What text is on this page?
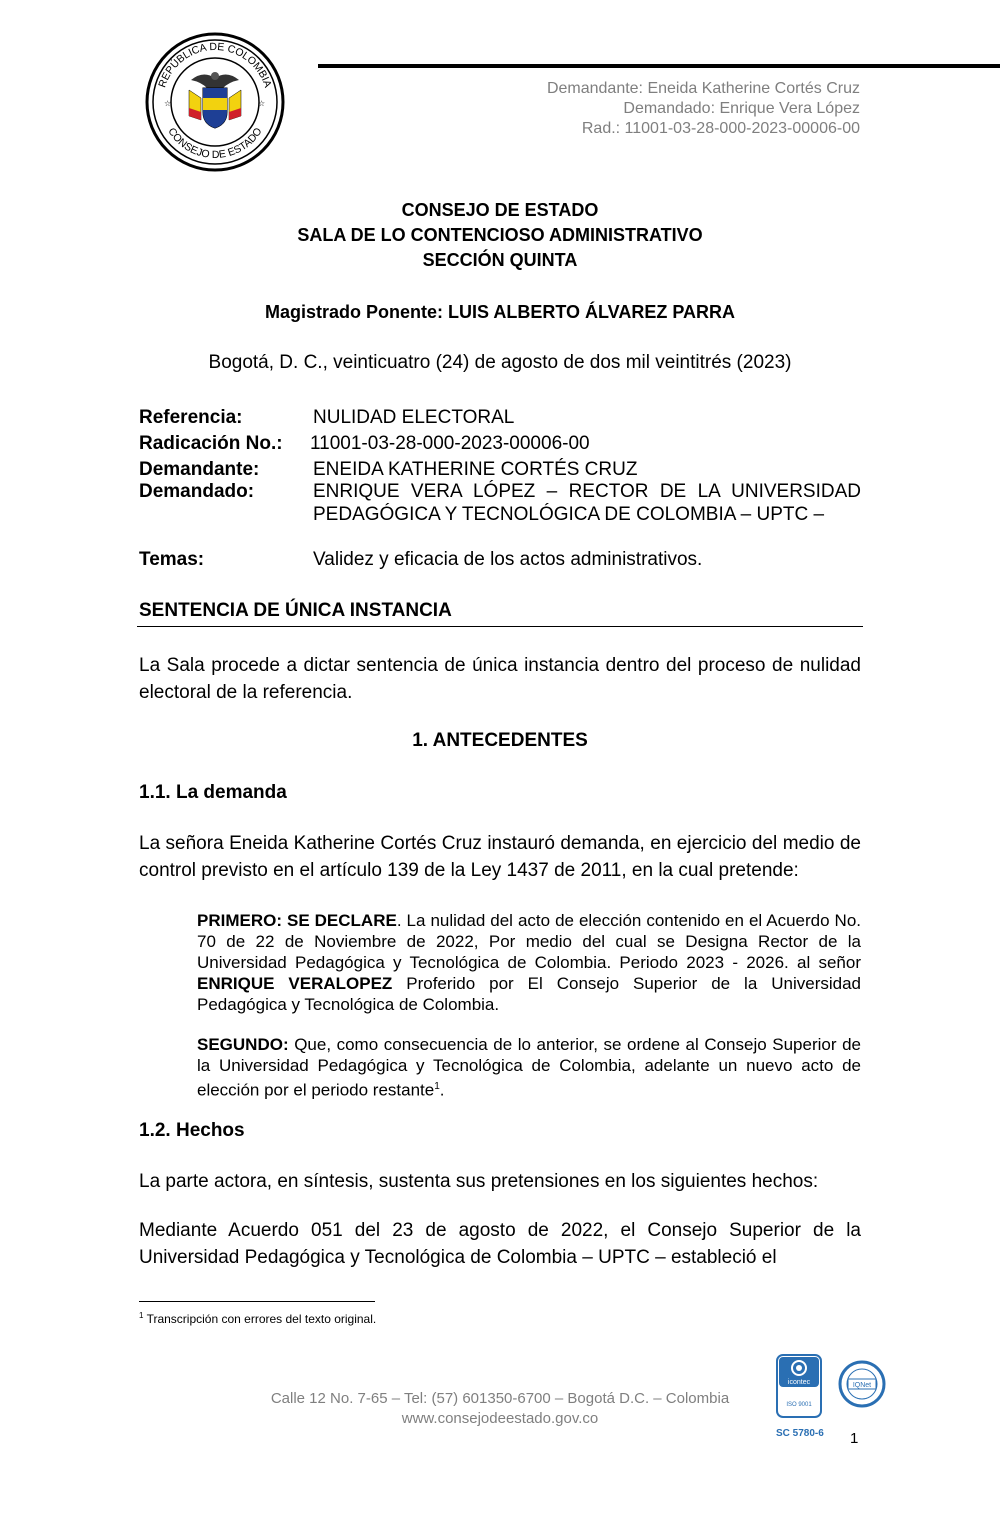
REPÚBLICA DE COLOMBIA
CONSEJO DE ESTADO
☆	☆
Demandante: Eneida Katherine Cortés Cruz
Demandado: Enrique Vera López
Rad.: 11001-03-28-000-2023-00006-00
CONSEJO DE ESTADO
SALA DE LO CONTENCIOSO ADMINISTRATIVO
SECCIÓN QUINTA
Magistrado Ponente: LUIS ALBERTO ÁLVAREZ PARRA
Bogotá, D. C., veinticuatro (24) de agosto de dos mil veintitrés (2023)
Referencia:	NULIDAD ELECTORAL
Radicación No.: 11001-03-28-000-2023-00006-00
Demandante:	ENEIDA KATHERINE CORTÉS CRUZ
Demandado:	ENRIQUE VERA LÓPEZ – RECTOR DE LA UNIVERSIDAD PEDAGÓGICA Y TECNOLÓGICA DE COLOMBIA – UPTC –
Temas:	Validez y eficacia de los actos administrativos.
SENTENCIA DE ÚNICA INSTANCIA
La Sala procede a dictar sentencia de única instancia dentro del proceso de nulidad electoral de la referencia.
1. ANTECEDENTES
1.1. La demanda
La señora Eneida Katherine Cortés Cruz instauró demanda, en ejercicio del medio de control previsto en el artículo 139 de la Ley 1437 de 2011, en la cual pretende:
PRIMERO: SE DECLARE. La nulidad del acto de elección contenido en el Acuerdo No. 70 de 22 de Noviembre de 2022, Por medio del cual se Designa Rector de la Universidad Pedagógica y Tecnológica de Colombia. Periodo 2023 - 2026. al señor ENRIQUE VERALOPEZ Proferido por El Consejo Superior de la Universidad Pedagógica y Tecnológica de Colombia.
SEGUNDO: Que, como consecuencia de lo anterior, se ordene al Consejo Superior de la Universidad Pedagógica y Tecnológica de Colombia, adelante un nuevo acto de elección por el periodo restante$^1$.
1.2. Hechos
La parte actora, en síntesis, sustenta sus pretensiones en los siguientes hechos:
Mediante Acuerdo 051 del 23 de agosto de 2022, el Consejo Superior de la Universidad Pedagógica y Tecnológica de Colombia – UPTC – estableció el
$^1$ Transcripción con errores del texto original.
Calle 12 No. 7-65 – Tel: (57) 601350-6700 – Bogotá D.C. – Colombia
www.consejodeestado.gov.co
icontec
ISO 9001
IQNet
SC 5780-6 1
